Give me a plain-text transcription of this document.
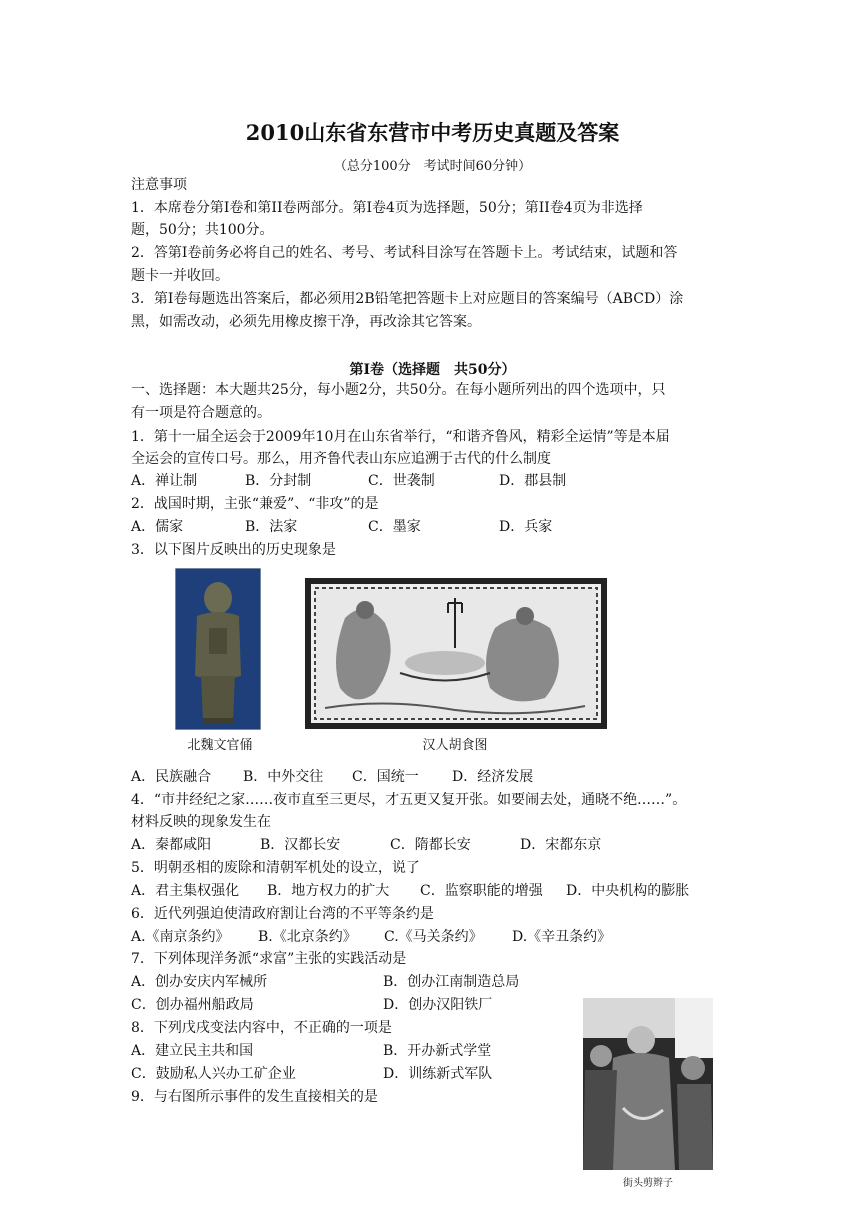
2010山东省东营市中考历史真题及答案
（总分100分　考试时间60分钟）
注意事项
1．本席卷分第Ⅰ卷和第II卷两部分。第Ⅰ卷4页为选择题，50分；第II卷4页为非选择
题，50分；共100分。
2．答第Ⅰ卷前务必将自己的姓名、考号、考试科目涂写在答题卡上。考试结束，试题和答
题卡一并收回。
3．第Ⅰ卷每题选出答案后，都必须用2B铅笔把答题卡上对应题目的答案编号（ABCD）涂
黑，如需改动，必须先用橡皮擦干净，再改涂其它答案。
第Ⅰ卷（选择题　共50分）
一、选择题：本大题共25分，每小题2分，共50分。在每小题所列出的四个选项中，只
有一项是符合题意的。
1．第十一届全运会于2009年10月在山东省举行，“和谐齐鲁风，精彩全运情”等是本届
全运会的宣传口号。那么，用齐鲁代表山东应追溯于古代的什么制度
A．禅让制	B．分封制	C．世袭制	D．郡县制
2．战国时期，主张“兼爱”、“非攻”的是
A．儒家	B．法家	C．墨家	D．兵家
3．以下图片反映出的历史现象是
北魏文官俑	汉人胡食图
A．民族融合 B．中外交往 C．国统一 D．经济发展
4．“市井经纪之家……夜市直至三更尽，才五更又复开张。如要闹去处，通晓不绝……”。
材料反映的现象发生在
A．秦都咸阳	B．汉都长安	C．隋都长安	D．宋都东京
5．明朝丞相的废除和清朝军机处的设立，说了
A．君主集权强化 B．地方权力的扩大 C．监察职能的增强 D．中央机构的膨胀
6．近代列强迫使清政府割让台湾的不平等条约是
A.《南京条约》 B.《北京条约》 C.《马关条约》 D.《辛丑条约》
7．下列体现洋务派“求富”主张的实践活动是
A．创办安庆内军械所	B．创办江南制造总局
C．创办福州船政局	D．创办汉阳铁厂
8．下列戊戌变法内容中，不正确的一项是
A．建立民主共和国	B．开办新式学堂
C．鼓励私人兴办工矿企业	D．训练新式军队
9．与右图所示事件的发生直接相关的是
街头剪辫子
